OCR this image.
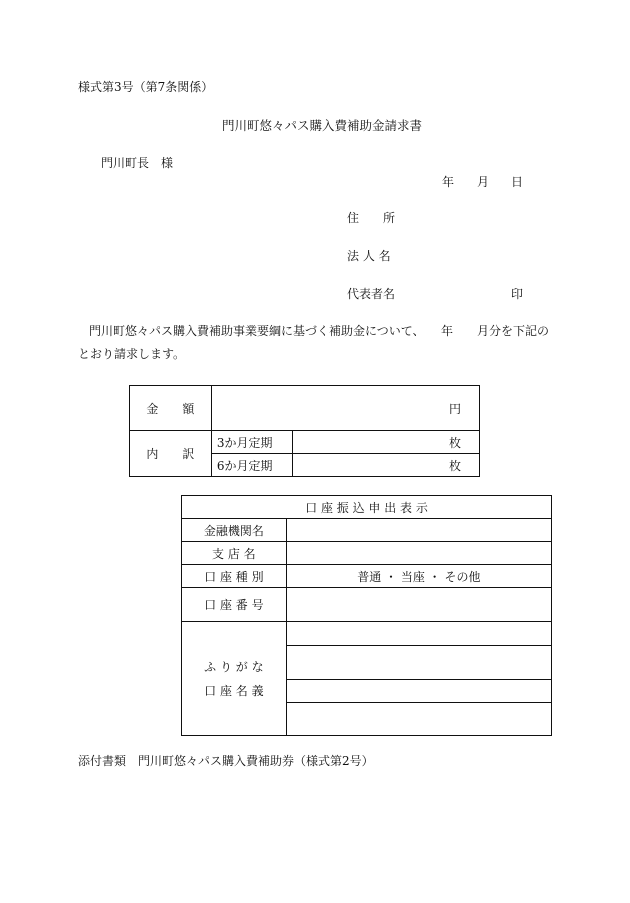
様式第3号（第7条関係）
門川町悠々パス購入費補助金請求書
門川町長　様
年 月 日
住　　所
法 人 名
代表者名	印
門川町悠々パス購入費補助事業要綱に基づく補助金について、 年 月分を下記の
とおり請求します。
金　　額	円	
内　　訳	3か月定期	枚
	6か月定期	枚
口 座 振 込 申 出 表 示	
金融機関名	
支 店 名	
口 座 種 別	普通 ・ 当座 ・ その他
口 座 番 号	

ふ り が な
口 座 名 義	

添付書類　門川町悠々パス購入費補助券（様式第2号）
